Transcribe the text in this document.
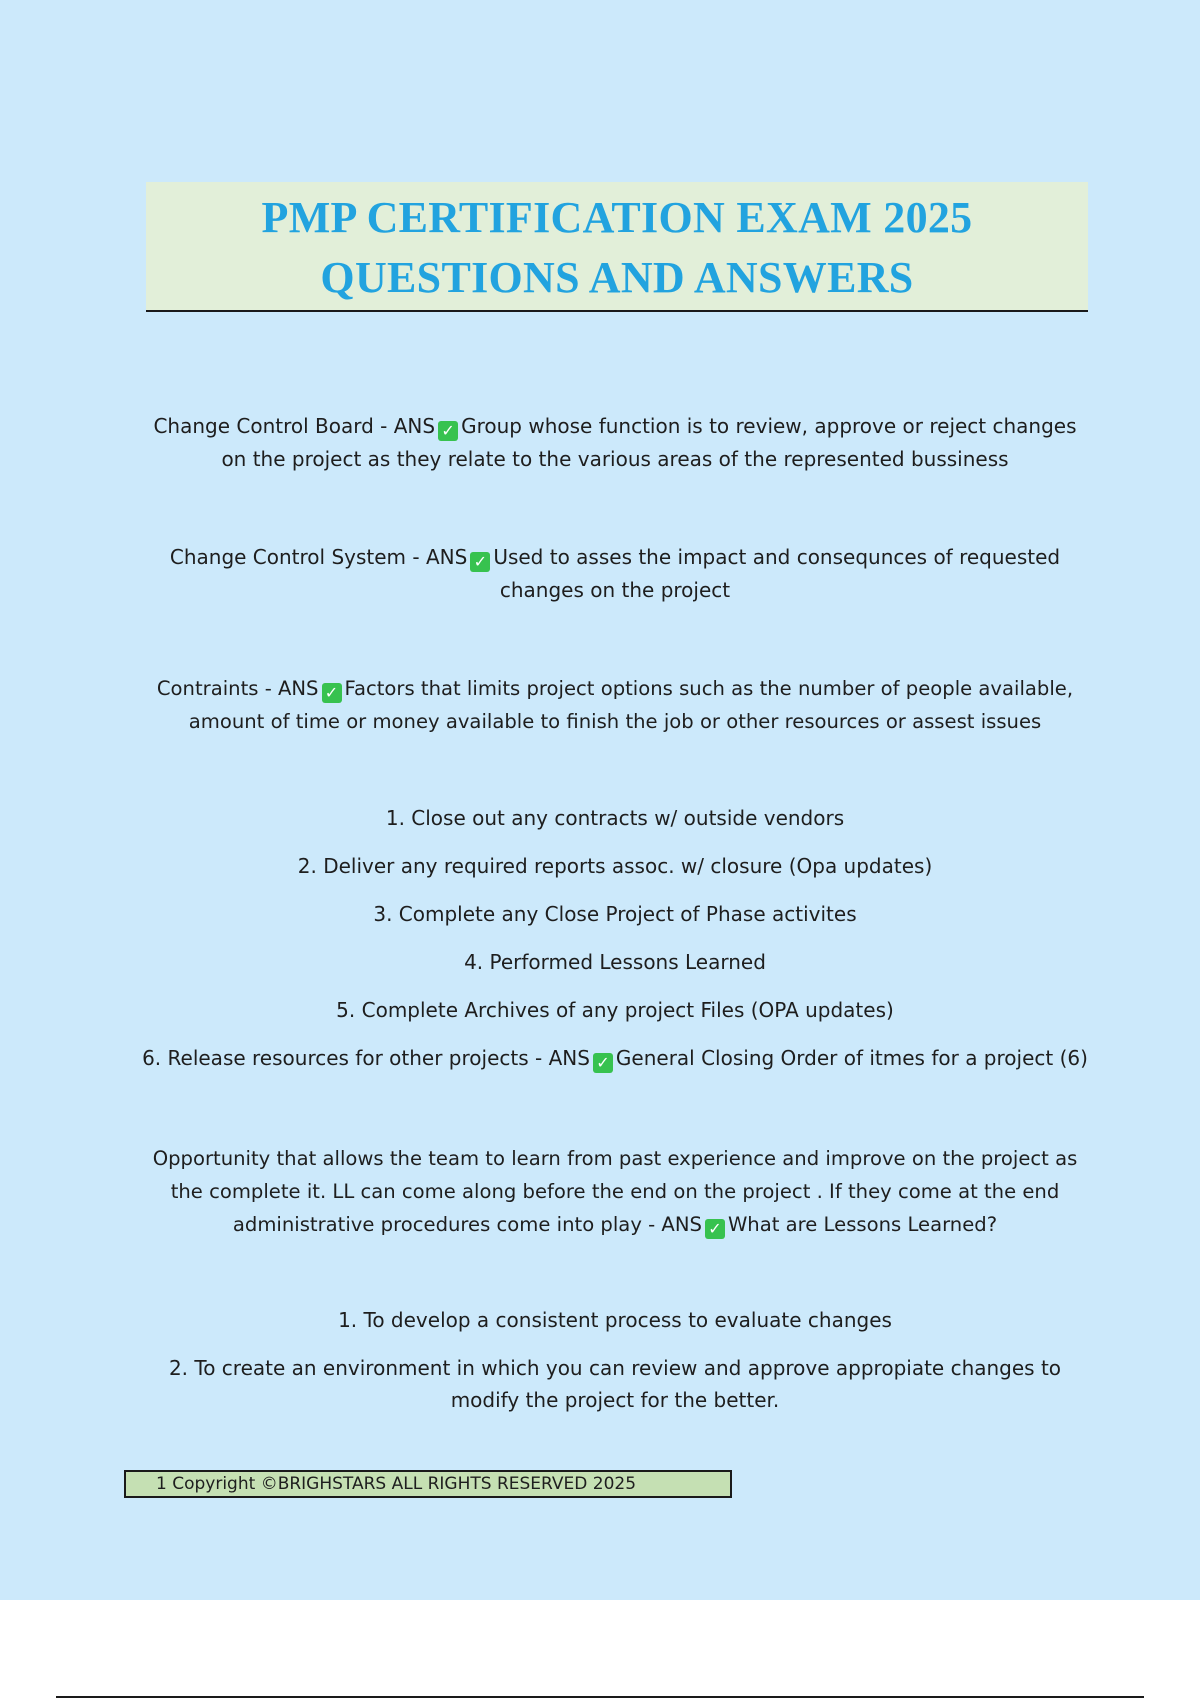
PMP CERTIFICATION EXAM 2025
QUESTIONS AND ANSWERS
Change Control Board - ANS ✓ Group whose function is to review, approve or reject changes on the project as they relate to the various areas of the represented bussiness
Change Control System - ANS ✓ Used to asses the impact and consequnces of requested changes on the project
Contraints - ANS ✓ Factors that limits project options such as the number of people available, amount of time or money available to finish the job or other resources or assest issues
1. Close out any contracts w/ outside vendors
2. Deliver any required reports assoc. w/ closure (Opa updates)
3. Complete any Close Project of Phase activites
4. Performed Lessons Learned
5. Complete Archives of any project Files (OPA updates)
6. Release resources for other projects - ANS ✓ General Closing Order of itmes for a project (6)
Opportunity that allows the team to learn from past experience and improve on the project as the complete it. LL can come along before the end on the project . If they come at the end administrative procedures come into play - ANS ✓ What are Lessons Learned?
1. To develop a consistent process to evaluate changes
2. To create an environment in which you can review and approve appropiate changes to modify the project for the better.
1 Copyright ©BRIGHSTARS ALL RIGHTS RESERVED 2025
